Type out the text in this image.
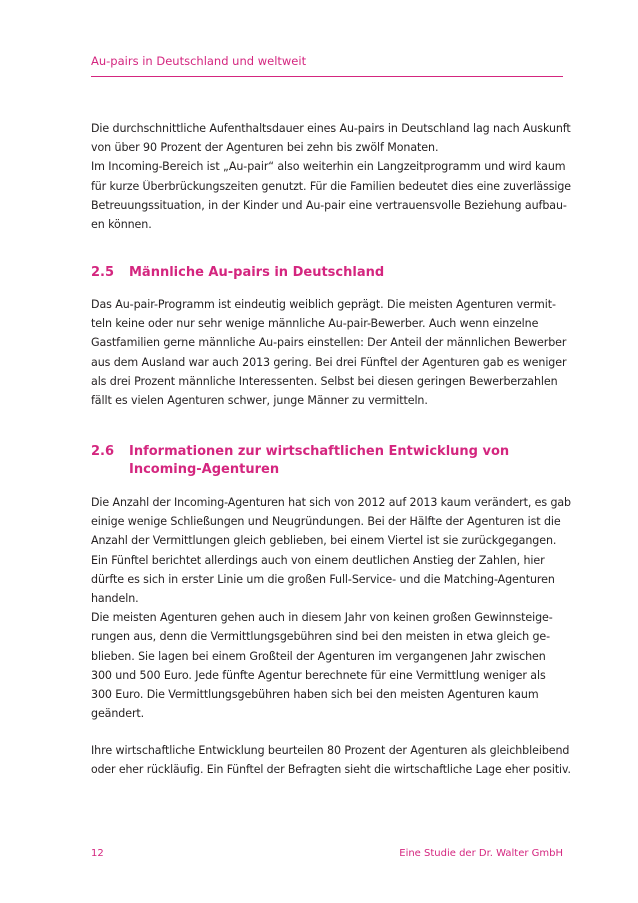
Au-pairs in Deutschland und weltweit

Die durchschnittliche Aufenthaltsdauer eines Au-pairs in Deutschland lag nach Auskunft
von über 90 Prozent der Agenturen bei zehn bis zwölf Monaten.
Im Incoming-Bereich ist „Au-pair“ also weiterhin ein Langzeitprogramm und wird kaum
für kurze Überbrückungszeiten genutzt. Für die Familien bedeutet dies eine zuverlässige
Betreuungssituation, in der Kinder und Au-pair eine vertrauensvolle Beziehung aufbau-
en können.

2.5 Männliche Au-pairs in Deutschland

Das Au-pair-Programm ist eindeutig weiblich geprägt. Die meisten Agenturen vermit-
teln keine oder nur sehr wenige männliche Au-pair-Bewerber. Auch wenn einzelne
Gastfamilien gerne männliche Au-pairs einstellen: Der Anteil der männlichen Bewerber
aus dem Ausland war auch 2013 gering. Bei drei Fünftel der Agenturen gab es weniger
als drei Prozent männliche Interessenten. Selbst bei diesen geringen Bewerberzahlen
fällt es vielen Agenturen schwer, junge Männer zu vermitteln.

2.6 Informationen zur wirtschaftlichen Entwicklung von
Incoming-Agenturen

Die Anzahl der Incoming-Agenturen hat sich von 2012 auf 2013 kaum verändert, es gab
einige wenige Schließungen und Neugründungen. Bei der Hälfte der Agenturen ist die
Anzahl der Vermittlungen gleich geblieben, bei einem Viertel ist sie zurückgegangen.
Ein Fünftel berichtet allerdings auch von einem deutlichen Anstieg der Zahlen, hier
dürfte es sich in erster Linie um die großen Full-Service- und die Matching-Agenturen
handeln.
Die meisten Agenturen gehen auch in diesem Jahr von keinen großen Gewinnsteige-
rungen aus, denn die Vermittlungsgebühren sind bei den meisten in etwa gleich ge-
blieben. Sie lagen bei einem Großteil der Agenturen im vergangenen Jahr zwischen
300 und 500 Euro. Jede fünfte Agentur berechnete für eine Vermittlung weniger als
300 Euro. Die Vermittlungsgebühren haben sich bei den meisten Agenturen kaum
geändert.

Ihre wirtschaftliche Entwicklung beurteilen 80 Prozent der Agenturen als gleichbleibend
oder eher rückläufig. Ein Fünftel der Befragten sieht die wirtschaftliche Lage eher positiv.

12	Eine Studie der Dr. Walter GmbH
